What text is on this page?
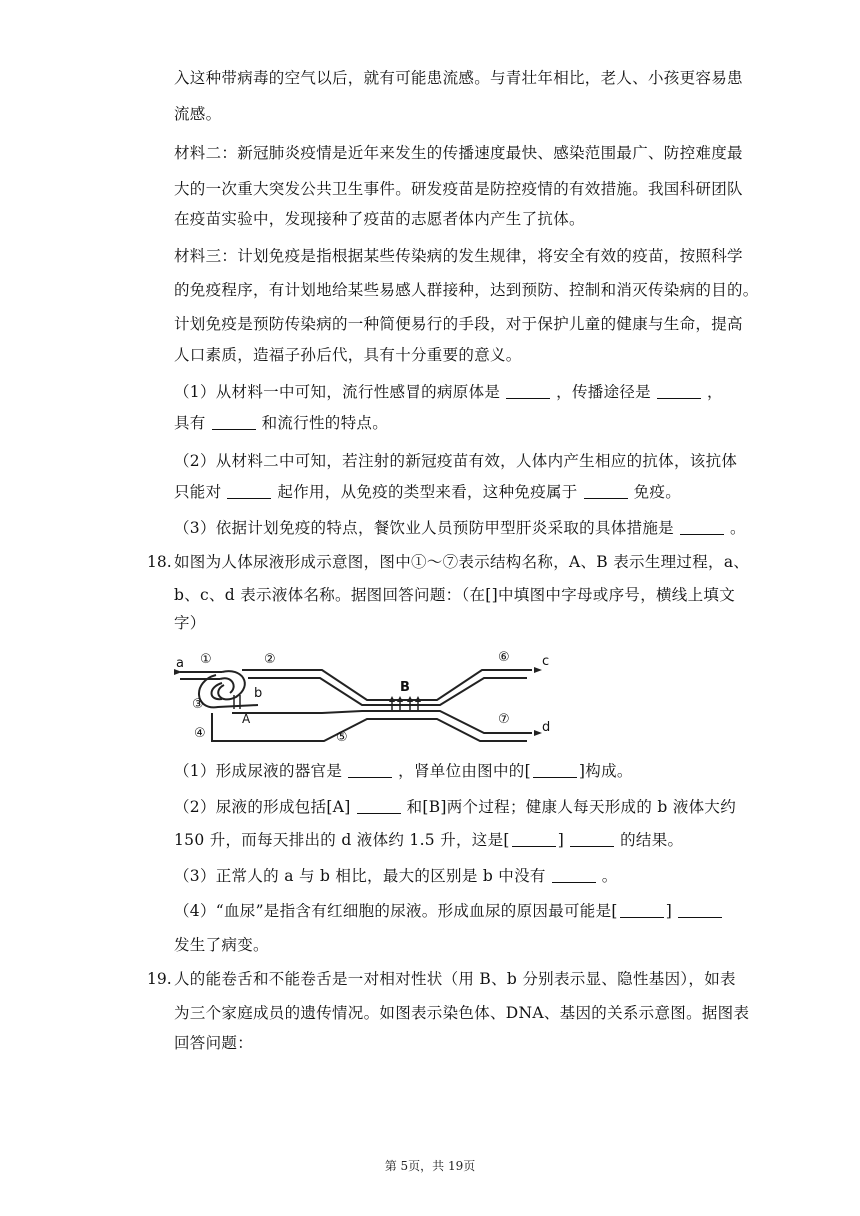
入这种带病毒的空气以后，就有可能患流感。与青壮年相比，老人、小孩更容易患
流感。
材料二：新冠肺炎疫情是近年来发生的传播速度最快、感染范围最广、防控难度最
大的一次重大突发公共卫生事件。研发疫苗是防控疫情的有效措施。我国科研团队
在疫苗实验中，发现接种了疫苗的志愿者体内产生了抗体。
材料三：计划免疫是指根据某些传染病的发生规律，将安全有效的疫苗，按照科学
的免疫程序，有计划地给某些易感人群接种，达到预防、控制和消灭传染病的目的。
计划免疫是预防传染病的一种简便易行的手段，对于保护儿童的健康与生命，提高
人口素质，造福子孙后代，具有十分重要的意义。
（1）从材料一中可知，流行性感冒的病原体是	，传播途径是	，
具有	和流行性的特点。
（2）从材料二中可知，若注射的新冠疫苗有效，人体内产生相应的抗体，该抗体
只能对	起作用，从免疫的类型来看，这种免疫属于	免疫。
（3）依据计划免疫的特点，餐饮业人员预防甲型肝炎采取的具体措施是	。
18. 如图为人体尿液形成示意图，图中①～⑦表示结构名称，A、B 表示生理过程，a、
b、c、d 表示液体名称。据图回答问题：（在[]中填图中字母或序号，横线上填文
字）
a ①	②
③
④	⑤
⑥
⑦
b
c
d
A
B
（1）形成尿液的器官是	，肾单位由图中的[	]构成。
（2）尿液的形成包括[A]	和[B]两个过程；健康人每天形成的 b 液体大约
150 升，而每天排出的 d 液体约 1.5 升，这是[	]	的结果。
（3）正常人的 a 与 b 相比，最大的区别是 b 中没有	。
（4）“血尿”是指含有红细胞的尿液。形成血尿的原因最可能是[	]
发生了病变。
19. 人的能卷舌和不能卷舌是一对相对性状（用 B、b 分别表示显、隐性基因），如表
为三个家庭成员的遗传情况。如图表示染色体、DNA、基因的关系示意图。据图表
回答问题：
第 5页，共 19页
